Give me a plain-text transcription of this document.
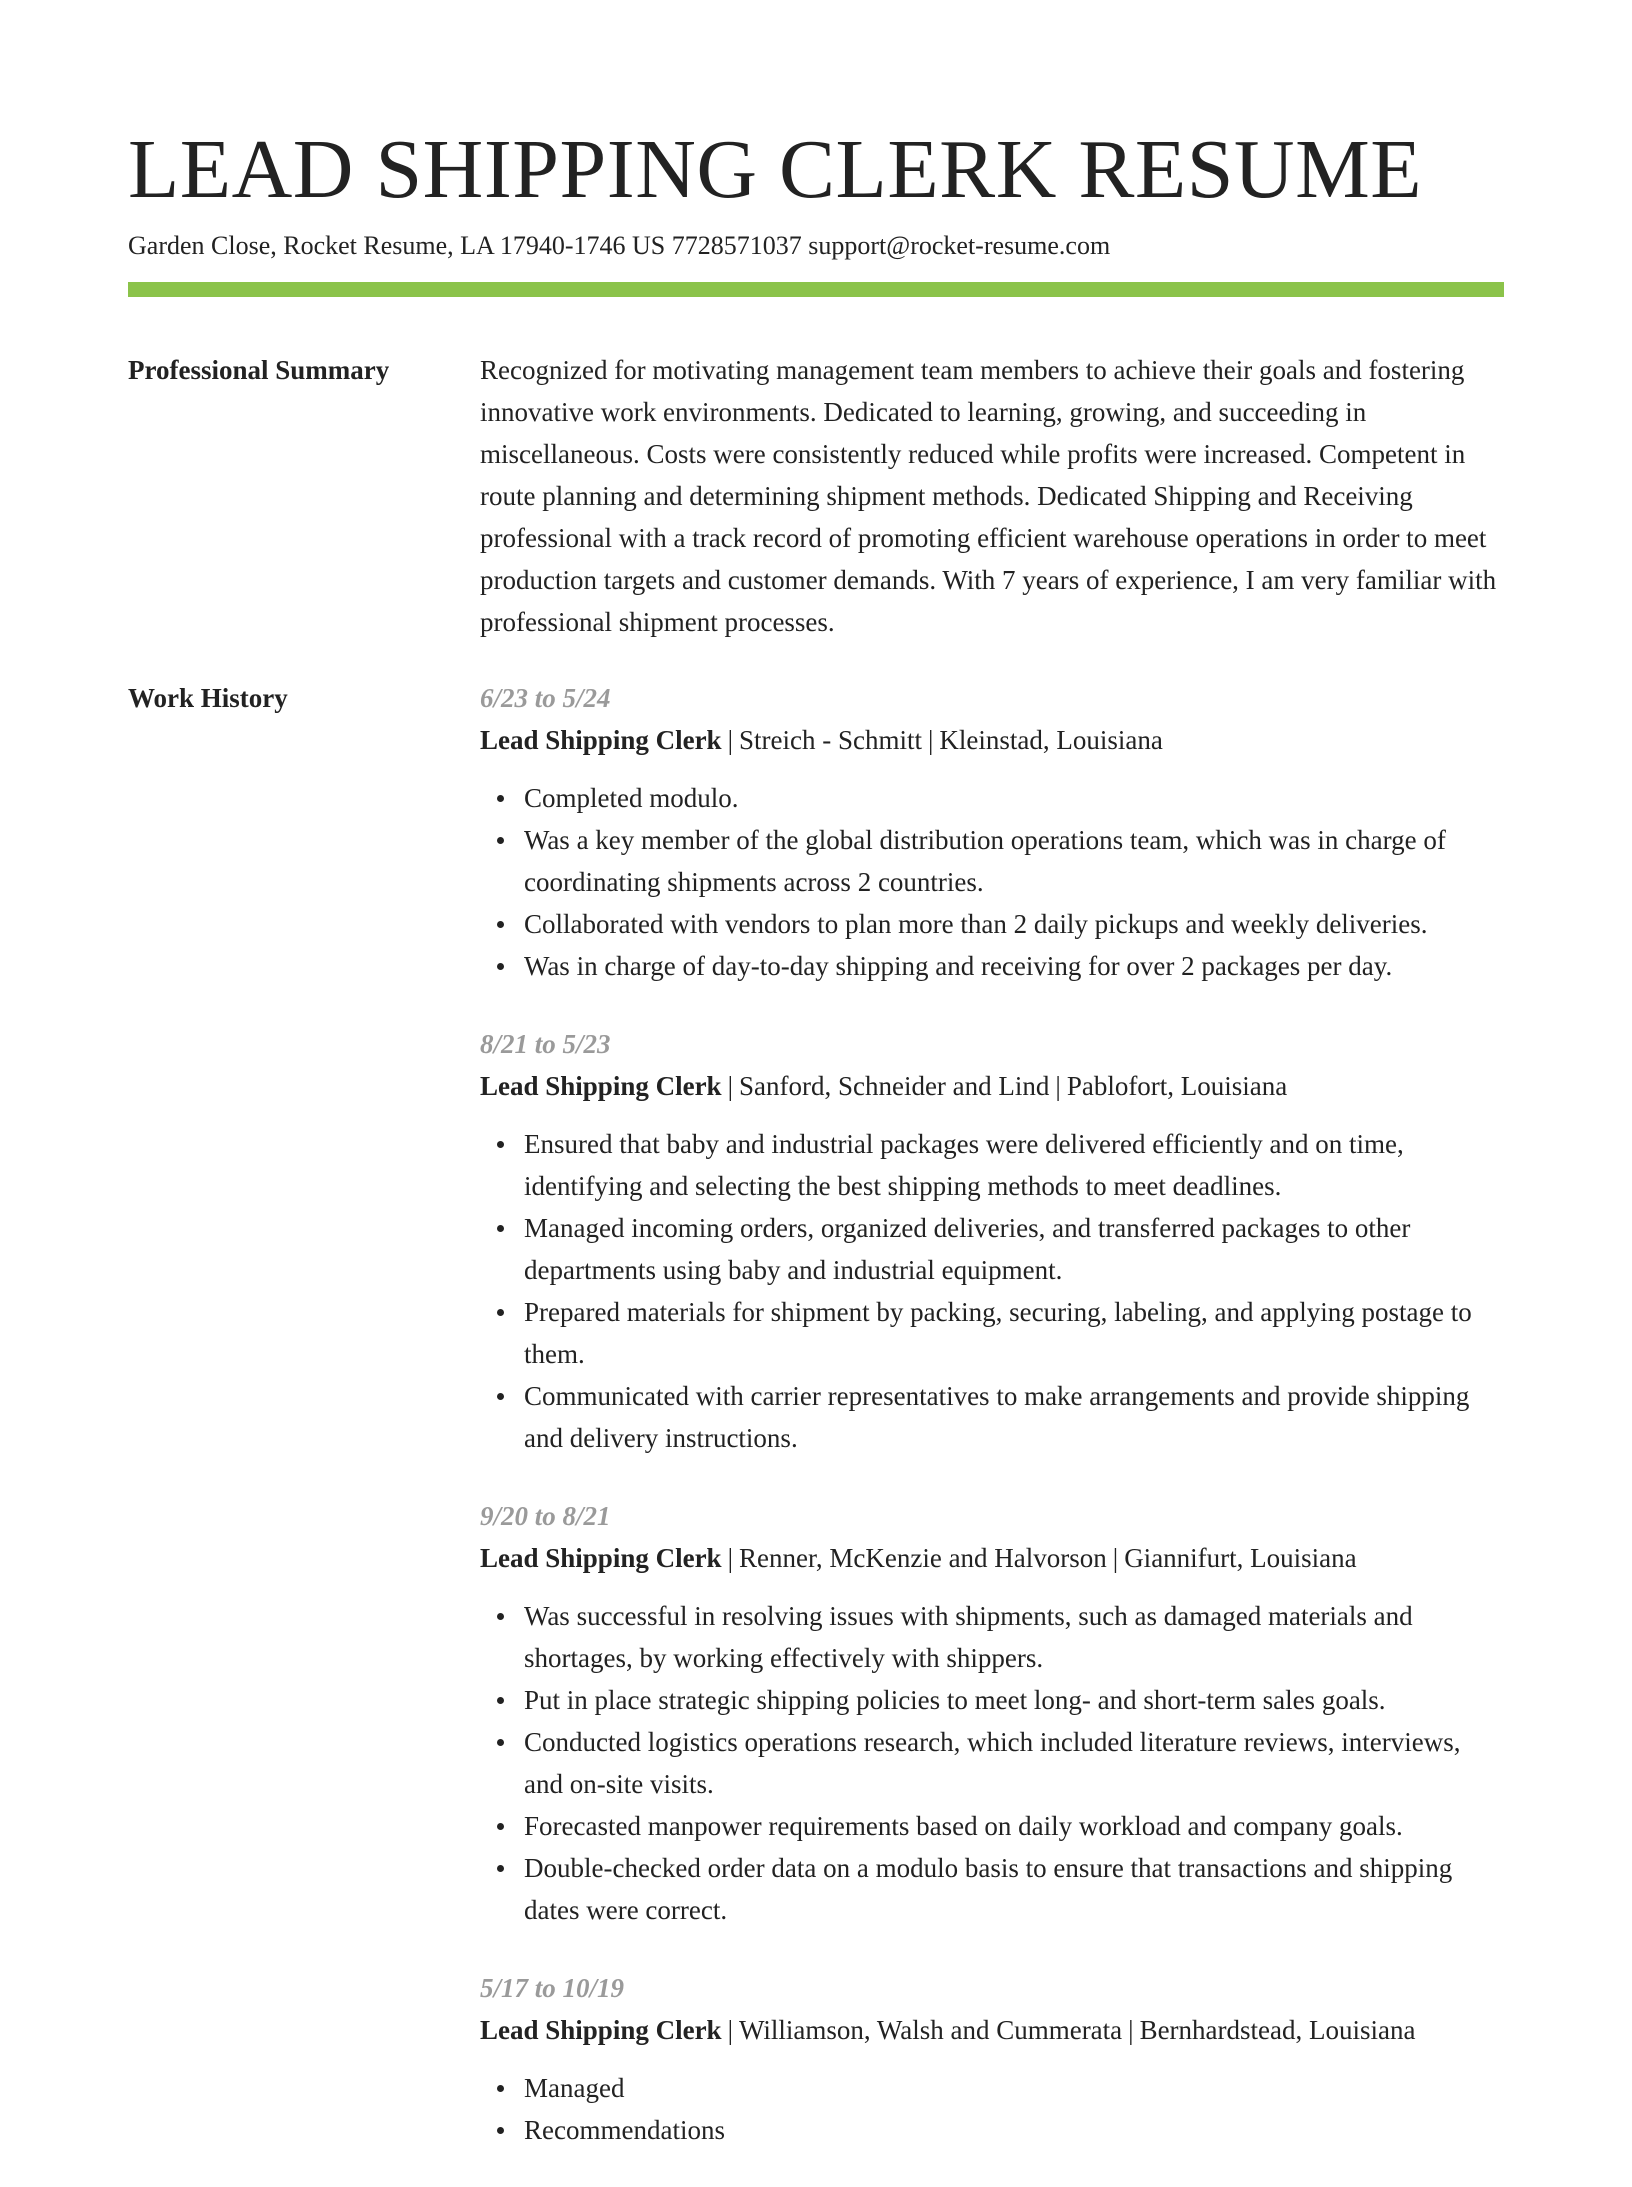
LEAD SHIPPING CLERK RESUME
Garden Close, Rocket Resume, LA 17940-1746 US 7728571037 support@rocket-resume.com
Professional Summary	Recognized for motivating management team members to achieve their goals and fostering innovative work environments. Dedicated to learning, growing, and succeeding in miscellaneous. Costs were consistently reduced while profits were increased. Competent in route planning and determining shipment methods. Dedicated Shipping and Receiving professional with a track record of promoting efficient warehouse operations in order to meet production targets and customer demands. With 7 years of experience, I am very familiar with professional shipment processes.

Work History	6/23 to 5/24
Lead Shipping Clerk | Streich - Schmitt | Kleinstad, Louisiana
Completed modulo.
Was a key member of the global distribution operations team, which was in charge of coordinating shipments across 2 countries.
Collaborated with vendors to plan more than 2 daily pickups and weekly deliveries.
Was in charge of day-to-day shipping and receiving for over 2 packages per day.
8/21 to 5/23
Lead Shipping Clerk | Sanford, Schneider and Lind | Pablofort, Louisiana
Ensured that baby and industrial packages were delivered efficiently and on time, identifying and selecting the best shipping methods to meet deadlines.
Managed incoming orders, organized deliveries, and transferred packages to other departments using baby and industrial equipment.
Prepared materials for shipment by packing, securing, labeling, and applying postage to them.
Communicated with carrier representatives to make arrangements and provide shipping and delivery instructions.
9/20 to 8/21
Lead Shipping Clerk | Renner, McKenzie and Halvorson | Giannifurt, Louisiana
Was successful in resolving issues with shipments, such as damaged materials and shortages, by working effectively with shippers.
Put in place strategic shipping policies to meet long- and short-term sales goals.
Conducted logistics operations research, which included literature reviews, interviews, and on-site visits.
Forecasted manpower requirements based on daily workload and company goals.
Double-checked order data on a modulo basis to ensure that transactions and shipping dates were correct.
5/17 to 10/19
Lead Shipping Clerk | Williamson, Walsh and Cummerata | Bernhardstead, Louisiana
Managed
Recommendations
